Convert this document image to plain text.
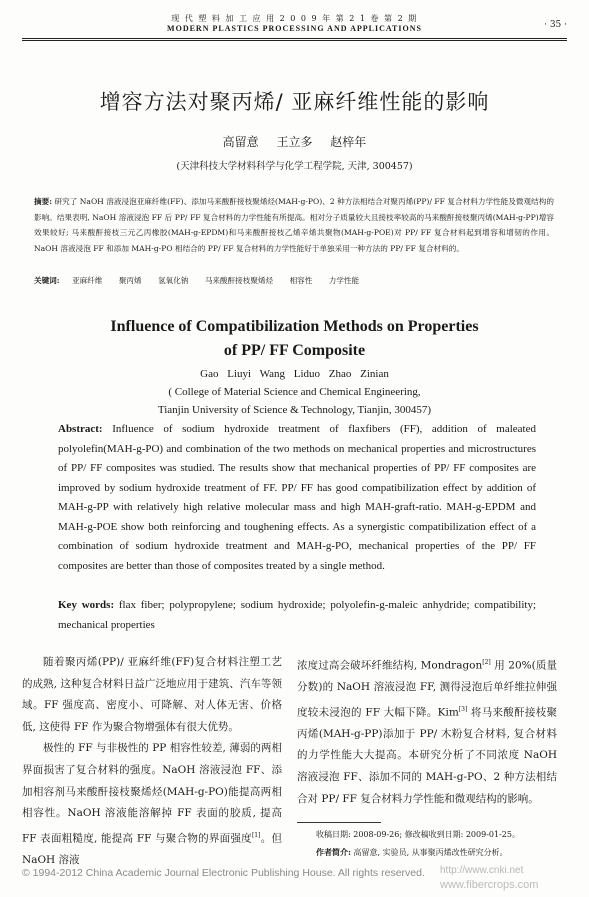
现 代 塑 料 加 工 应 用 2 0 0 9 年 第 2 1 卷 第 2 期
MODERN PLASTICS PROCESSING AND APPLICATIONS	· 35 ·
增容方法对聚丙烯/ 亚麻纤维性能的影响
高留意 王立多 赵梓年
(天津科技大学材料科学与化学工程学院, 天津, 300457)
摘要: 研究了 NaOH 溶液浸泡亚麻纤维(FF)、添加马来酸酐接枝聚烯烃(MAH-g-PO)、2 种方法相结合对聚丙烯(PP)/ FF 复合材料力学性能及微观结构的影响。结果表明, NaOH 溶液浸泡 FF 后 PP/ FF 复合材料的力学性能有所提高。相对分子质量较大且接枝率较高的马来酸酐接枝聚丙烯(MAH-g-PP)增容效果较好; 马来酸酐接枝三元乙丙橡胶(MAH-g-EPDM)和马来酸酐接枝乙烯辛烯共聚物(MAH-g-POE)对 PP/ FF 复合材料起到增容和增韧的作用。NaOH 溶液浸泡 FF 和添加 MAH-g-PO 相结合的 PP/ FF 复合材料的力学性能好于单独采用一种方法的 PP/ FF 复合材料的。
关键词: 亚麻纤维 聚丙烯 氢氧化钠 马来酸酐接枝聚烯烃 相容性 力学性能
Influence of Compatibilization Methods on Properties
of PP/ FF Composite
Gao Liuyi Wang Liduo Zhao Zinian
( College of Material Science and Chemical Engineering,
Tianjin University of Science & Technology, Tianjin, 300457)
Abstract: Influence of sodium hydroxide treatment of flaxfibers (FF), addition of maleated polyolefin(MAH-g-PO) and combination of the two methods on mechanical properties and microstructures of PP/ FF composites was studied. The results show that mechanical properties of PP/ FF composites are improved by sodium hydroxide treatment of FF. PP/ FF has good compatibilization effect by addition of MAH-g-PP with relatively high relative molecular mass and high MAH-graft-ratio. MAH-g-EPDM and MAH-g-POE show both reinforcing and toughening effects. As a synergistic compatibilization effect of a combination of sodium hydroxide treatment and MAH-g-PO, mechanical properties of the PP/ FF composites are better than those of composites treated by a single method.
Key words: flax fiber; polypropylene; sodium hydroxide; polyolefin-g-maleic anhydride; compatibility; mechanical properties

随着聚丙烯(PP)/ 亚麻纤维(FF)复合材料注塑工艺的成熟, 这种复合材料日益广泛地应用于建筑、汽车等领域。FF 强度高、密度小、可降解、对人体无害、价格低, 这使得 FF 作为聚合物增强体有很大优势。

极性的 FF 与非极性的 PP 相容性较差, 薄弱的两相界面损害了复合材料的强度。NaOH 溶液浸泡 FF、添加相容剂马来酸酐接枝聚烯烃(MAH-g-PO)能提高两相相容性。NaOH 溶液能溶解掉 FF 表面的胶质, 提高 FF 表面粗糙度, 能提高 FF 与聚合物的界面强度[1]。但 NaOH 溶液

浓度过高会破坏纤维结构, Mondragon[2] 用 20%(质量分数)的 NaOH 溶液浸泡 FF, 测得浸泡后单纤维拉伸强度较未浸泡的 FF 大幅下降。Kim[3] 将马来酸酐接枝聚丙烯(MAH-g-PP)添加于 PP/ 木粉复合材料, 复合材料的力学性能大大提高。本研究分析了不同浓度 NaOH 溶液浸泡 FF、添加不同的 MAH-g-PO、2 种方法相结合对 PP/ FF 复合材料力学性能和微观结构的影响。

收稿日期: 2008-09-26; 修改稿收到日期: 2009-01-25。
作者简介: 高留意, 实验员, 从事聚丙烯改性研究分析。
© 1994-2012 China Academic Journal Electronic Publishing House. All rights reserved. http://www.cnki.net
www.fibercrops.com
